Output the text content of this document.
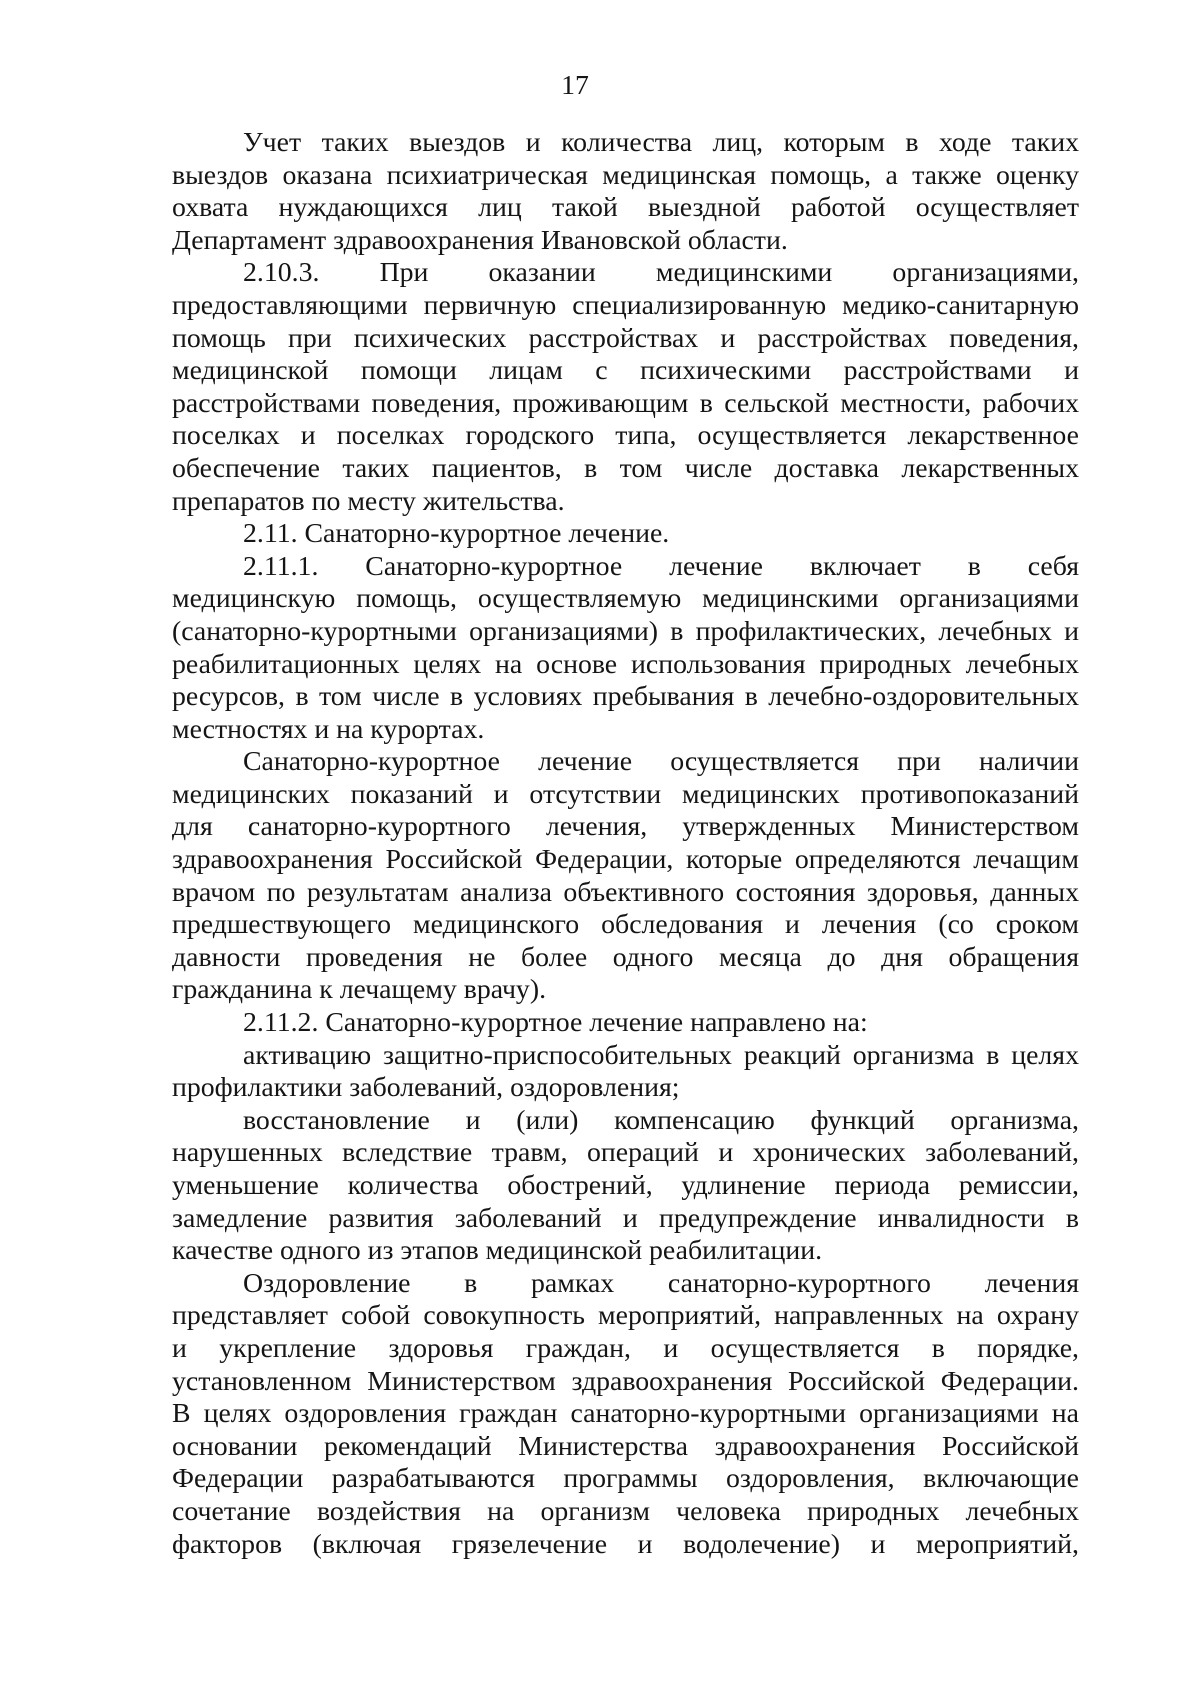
17
Учет таких выездов и количества лиц, которым в ходе таких
выездов оказана психиатрическая медицинская помощь, а также оценку
охвата нуждающихся лиц такой выездной работой осуществляет
Департамент здравоохранения Ивановской области.
2.10.3. При оказании медицинскими организациями,
предоставляющими первичную специализированную медико-санитарную
помощь при психических расстройствах и расстройствах поведения,
медицинской помощи лицам с психическими расстройствами и
расстройствами поведения, проживающим в сельской местности, рабочих
поселках и поселках городского типа, осуществляется лекарственное
обеспечение таких пациентов, в том числе доставка лекарственных
препаратов по месту жительства.
2.11. Санаторно-курортное лечение.
2.11.1. Санаторно-курортное лечение включает в себя
медицинскую помощь, осуществляемую медицинскими организациями
(санаторно-курортными организациями) в профилактических, лечебных и
реабилитационных целях на основе использования природных лечебных
ресурсов, в том числе в условиях пребывания в лечебно-оздоровительных
местностях и на курортах.
Санаторно-курортное лечение осуществляется при наличии
медицинских показаний и отсутствии медицинских противопоказаний
для санаторно-курортного лечения, утвержденных Министерством
здравоохранения Российской Федерации, которые определяются лечащим
врачом по результатам анализа объективного состояния здоровья, данных
предшествующего медицинского обследования и лечения (со сроком
давности проведения не более одного месяца до дня обращения
гражданина к лечащему врачу).
2.11.2. Санаторно-курортное лечение направлено на:
активацию защитно-приспособительных реакций организма в целях
профилактики заболеваний, оздоровления;
восстановление и (или) компенсацию функций организма,
нарушенных вследствие травм, операций и хронических заболеваний,
уменьшение количества обострений, удлинение периода ремиссии,
замедление развития заболеваний и предупреждение инвалидности в
качестве одного из этапов медицинской реабилитации.
Оздоровление в рамках санаторно-курортного лечения
представляет собой совокупность мероприятий, направленных на охрану
и укрепление здоровья граждан, и осуществляется в порядке,
установленном Министерством здравоохранения Российской Федерации.
В целях оздоровления граждан санаторно-курортными организациями на
основании рекомендаций Министерства здравоохранения Российской
Федерации разрабатываются программы оздоровления, включающие
сочетание воздействия на организм человека природных лечебных
факторов (включая грязелечение и водолечение) и мероприятий,
